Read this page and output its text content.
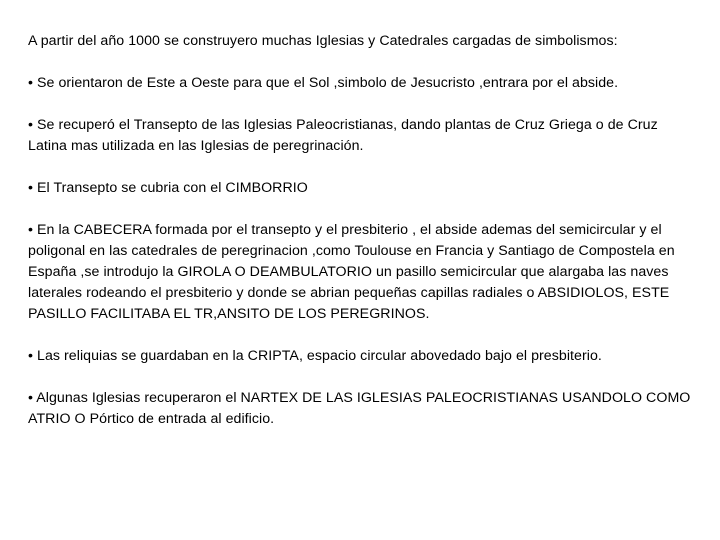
A partir del año 1000 se construyero muchas Iglesias y Catedrales cargadas de simbolismos:

• Se orientaron de Este a Oeste para que el Sol ,simbolo de Jesucristo ,entrara por el abside.

• Se recuperó el Transepto de las Iglesias Paleocristianas, dando plantas de Cruz Griega o de Cruz Latina mas utilizada en las Iglesias de peregrinación.

• El Transepto se cubria con el CIMBORRIO

• En la CABECERA formada por el transepto y el presbiterio , el abside ademas del semicircular y el poligonal en las catedrales de peregrinacion ,como Toulouse en Francia y Santiago de Compostela en España ,se introdujo la GIROLA O DEAMBULATORIO un pasillo semicircular que alargaba las naves laterales rodeando el presbiterio y donde se abrian pequeñas capillas radiales o ABSIDIOLOS, ESTE PASILLO FACILITABA EL TR,ANSITO DE LOS PEREGRINOS.

• Las reliquias se guardaban en la CRIPTA, espacio circular abovedado bajo el presbiterio.

• Algunas Iglesias recuperaron el NARTEX DE LAS IGLESIAS PALEOCRISTIANAS USANDOLO COMO ATRIO O Pórtico de entrada al edificio.
